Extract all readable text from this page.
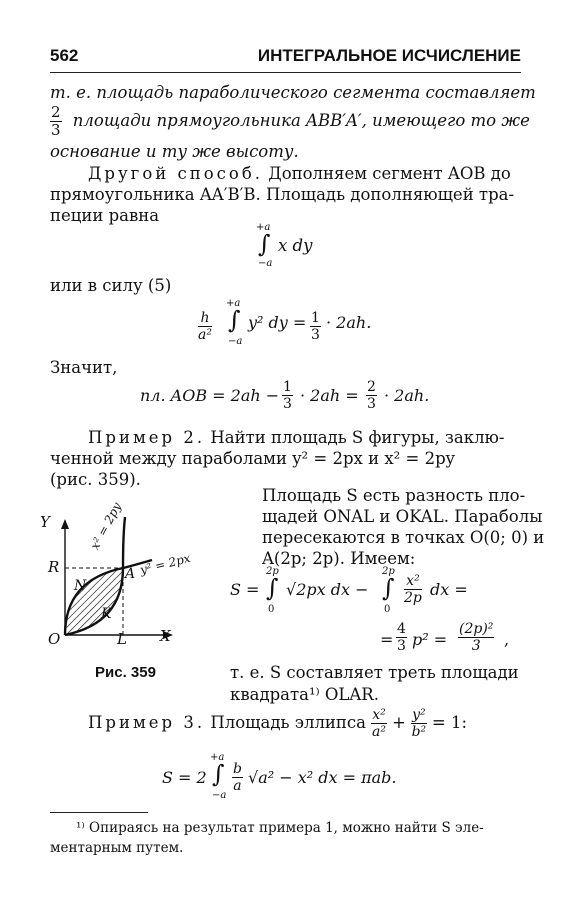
562	ИНТЕГРАЛЬНОЕ ИСЧИСЛЕНИЕ
т. е. площадь параболического сегмента составляет
$\frac{2}{3}$ площади прямоугольника ABB′A′, имеющего то же
основание и ту же высоту.
Другой способ. Дополняем сегмент AOB до
прямоугольника AA′B′B. Площадь дополняющей тра-
пеции равна
+a
∫
−a
x dy
или в силу (5)
$\frac{h}{\text{a²}}$
+a
∫
−a
y² dy = $\frac{1}{3} \cdot 2ah$.
Значит,
пл. AOB = $2ah - \frac{1}{3} \cdot 2ah = \frac{2}{3} \cdot 2ah$.
Пример 2. Найти площадь S фигуры, заклю-
ченной между параболами y² = 2px и x² = 2py
(рис. 359).
Площадь S есть разность пло-
щадей ONAL и OKAL. Параболы
пересекаются в точках O(0; 0) и
A(2p; 2p). Имеем:
Y
X
O	L
R
N
K
A
x² = 2py
y² = 2px
S =
2p
∫
0
√2px dx −
2p
∫
0
$\frac{\text{x²}}{2p}$ dx =
= $\frac{4}{3} p^2 = \frac{\text{(2p)²}}{3}$ ,
Рис. 359	т. е. S составляет треть площади
квадрата¹⁾ OLAR.
Пример 3. Площадь эллипса $\frac{\text{x²}}{\text{a²}} + \frac{\text{y²}}{\text{b²}} = 1$:
S = 2
+a
∫
−a
$\frac{b}{a} √a^2 - x^2$ dx = πab.
¹⁾ Опираясь на результат примера 1, можно найти S эле-
ментарным путем.
